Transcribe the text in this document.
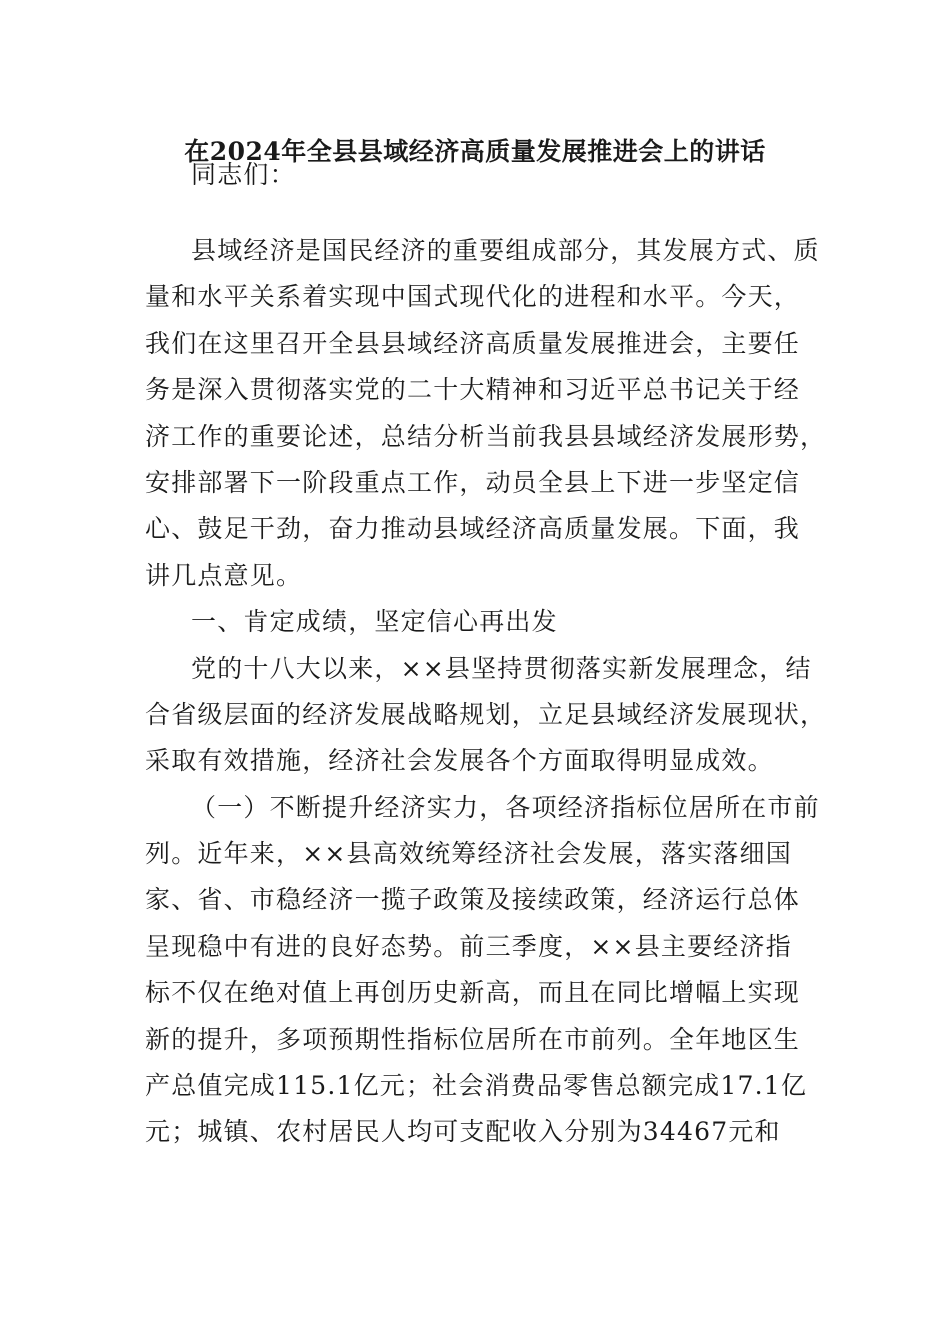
在2024年全县县域经济高质量发展推进会上的讲话
同志们：
县域经济是国民经济的重要组成部分，其发展方式、质
量和水平关系着实现中国式现代化的进程和水平。今天，
我们在这里召开全县县域经济高质量发展推进会，主要任
务是深入贯彻落实党的二十大精神和习近平总书记关于经
济工作的重要论述，总结分析当前我县县域经济发展形势，
安排部署下一阶段重点工作，动员全县上下进一步坚定信
心、鼓足干劲，奋力推动县域经济高质量发展。下面，我
讲几点意见。
一、肯定成绩，坚定信心再出发
党的十八大以来，××县坚持贯彻落实新发展理念，结
合省级层面的经济发展战略规划，立足县域经济发展现状，
采取有效措施，经济社会发展各个方面取得明显成效。
（一）不断提升经济实力，各项经济指标位居所在市前
列。近年来，××县高效统筹经济社会发展，落实落细国
家、省、市稳经济一揽子政策及接续政策，经济运行总体
呈现稳中有进的良好态势。前三季度，××县主要经济指
标不仅在绝对值上再创历史新高，而且在同比增幅上实现
新的提升，多项预期性指标位居所在市前列。全年地区生
产总值完成115.1亿元；社会消费品零售总额完成17.1亿
元；城镇、农村居民人均可支配收入分别为34467元和
